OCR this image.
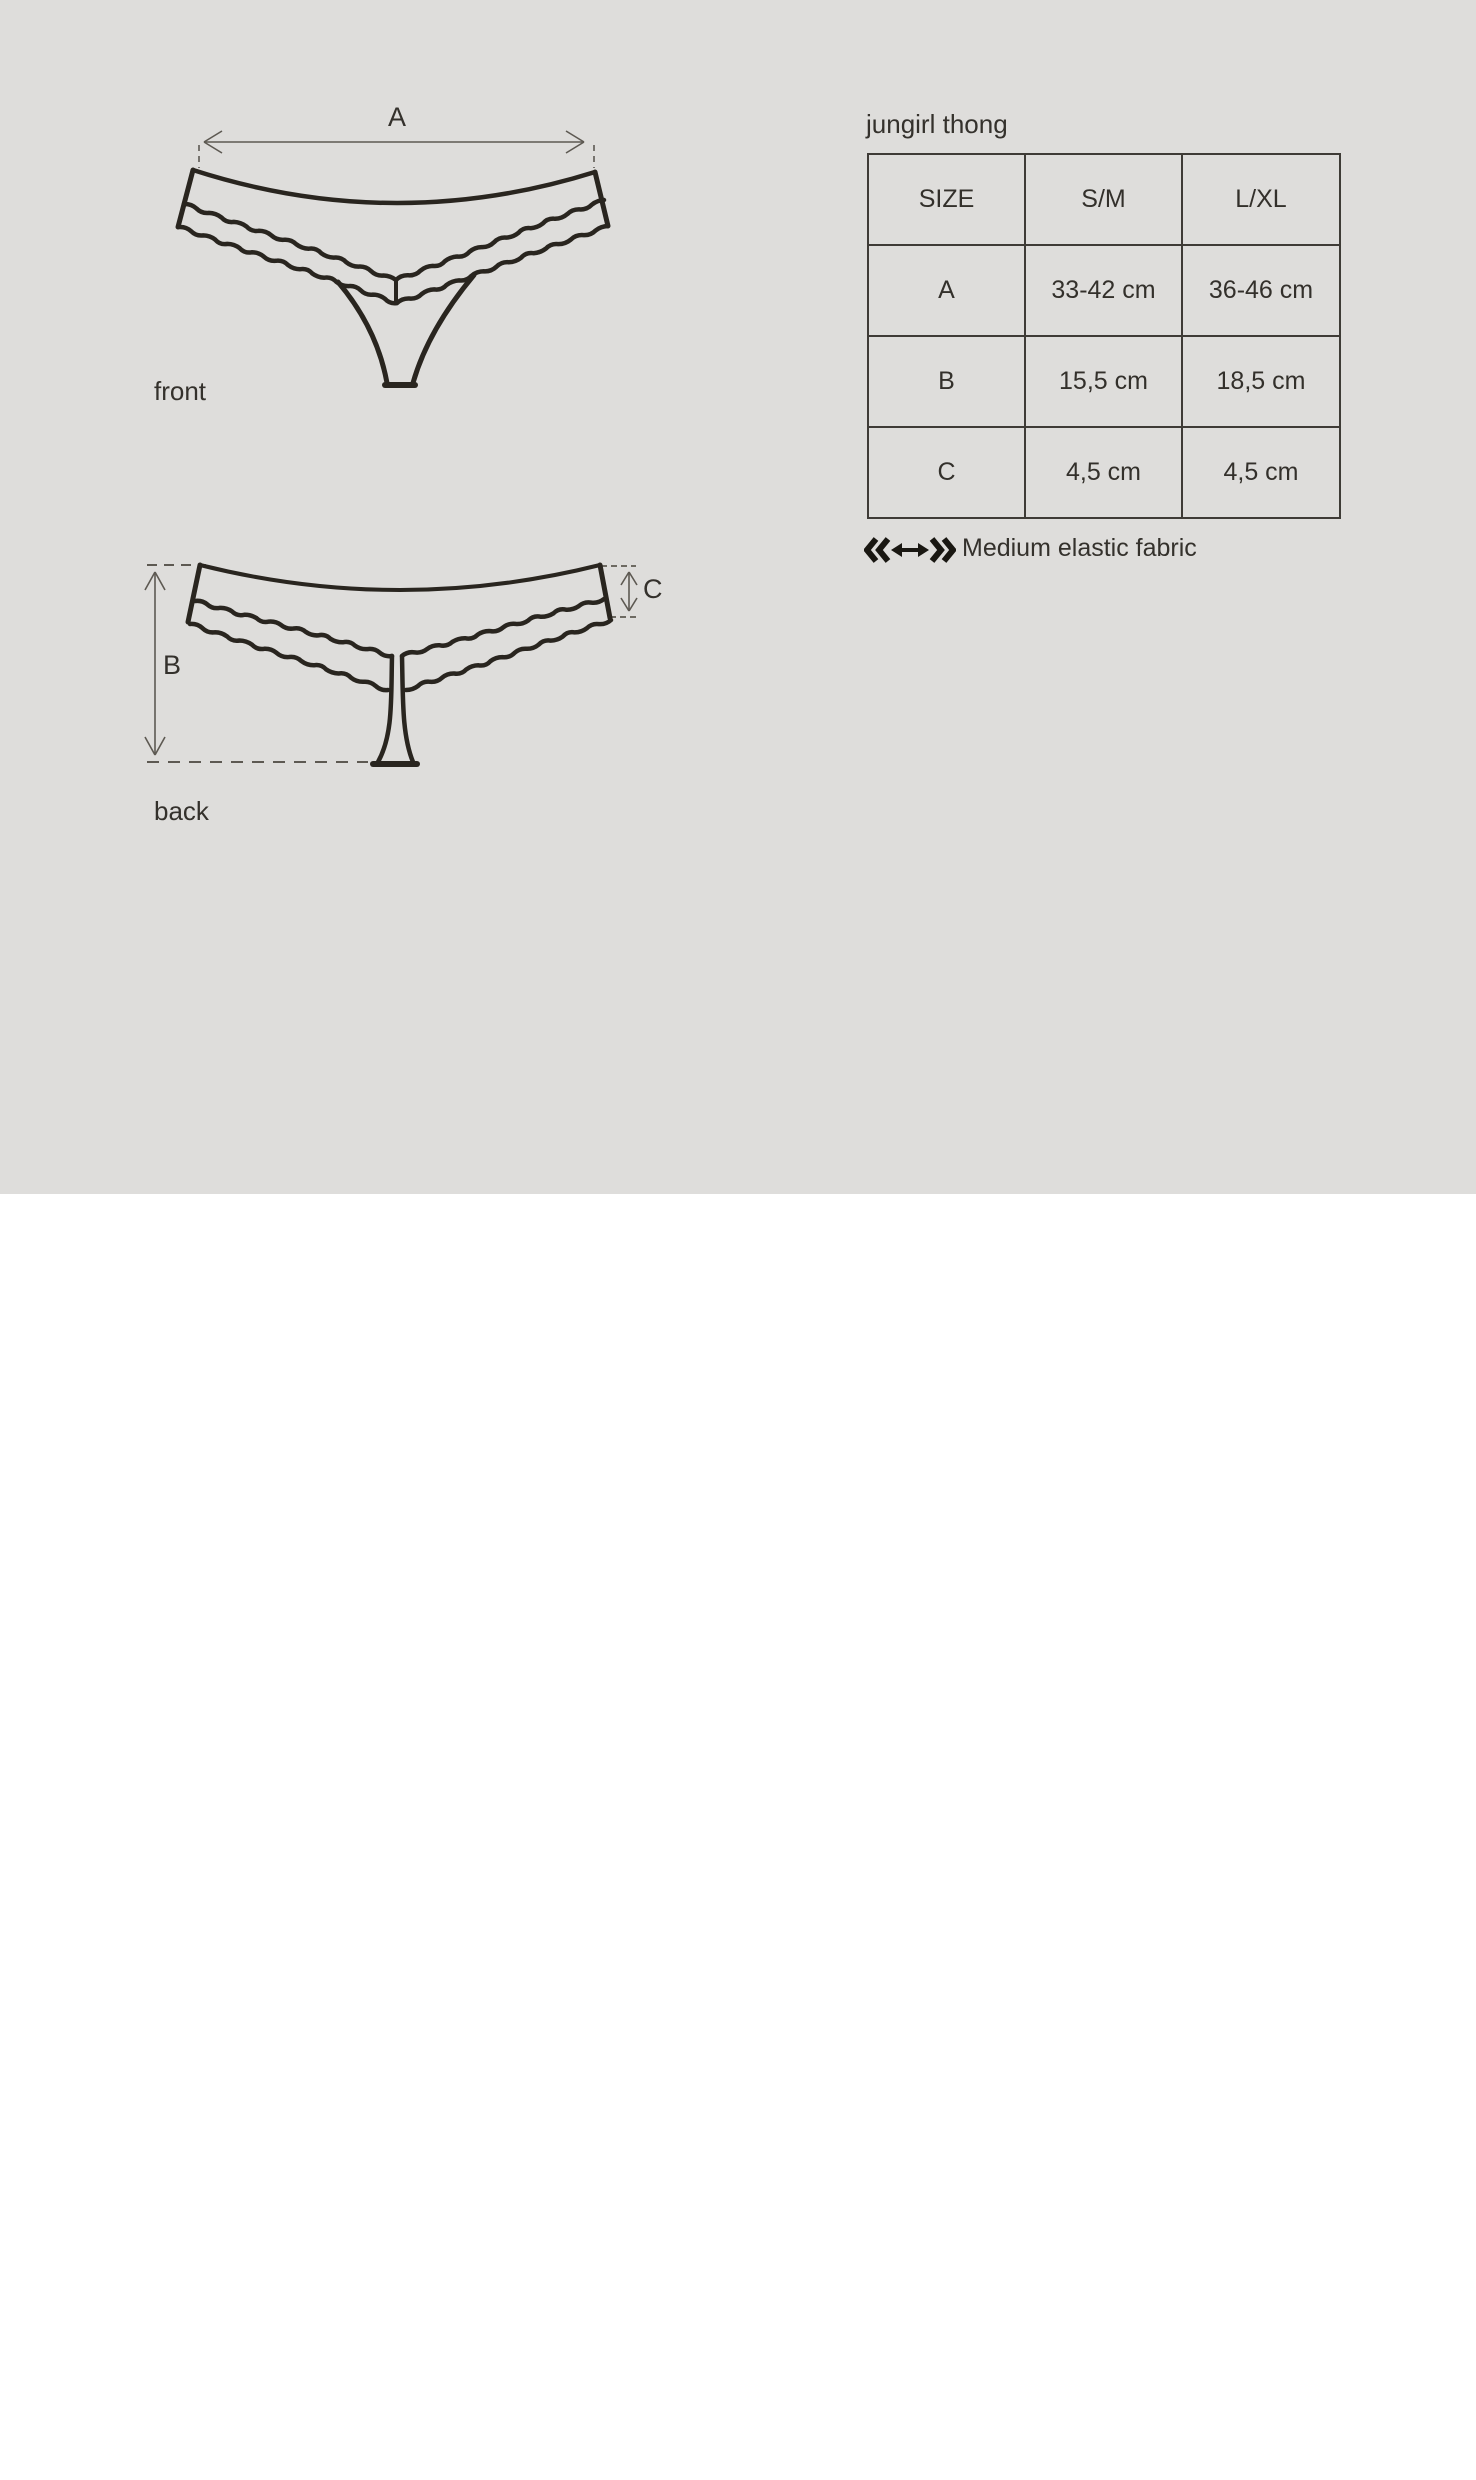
A
front
B
C
back
jungirl thong
SIZE	S/M	L/XL
A	33-42 cm	36-46 cm
B	15,5 cm	18,5 cm
C	4,5 cm	4,5 cm
Medium elastic fabric
